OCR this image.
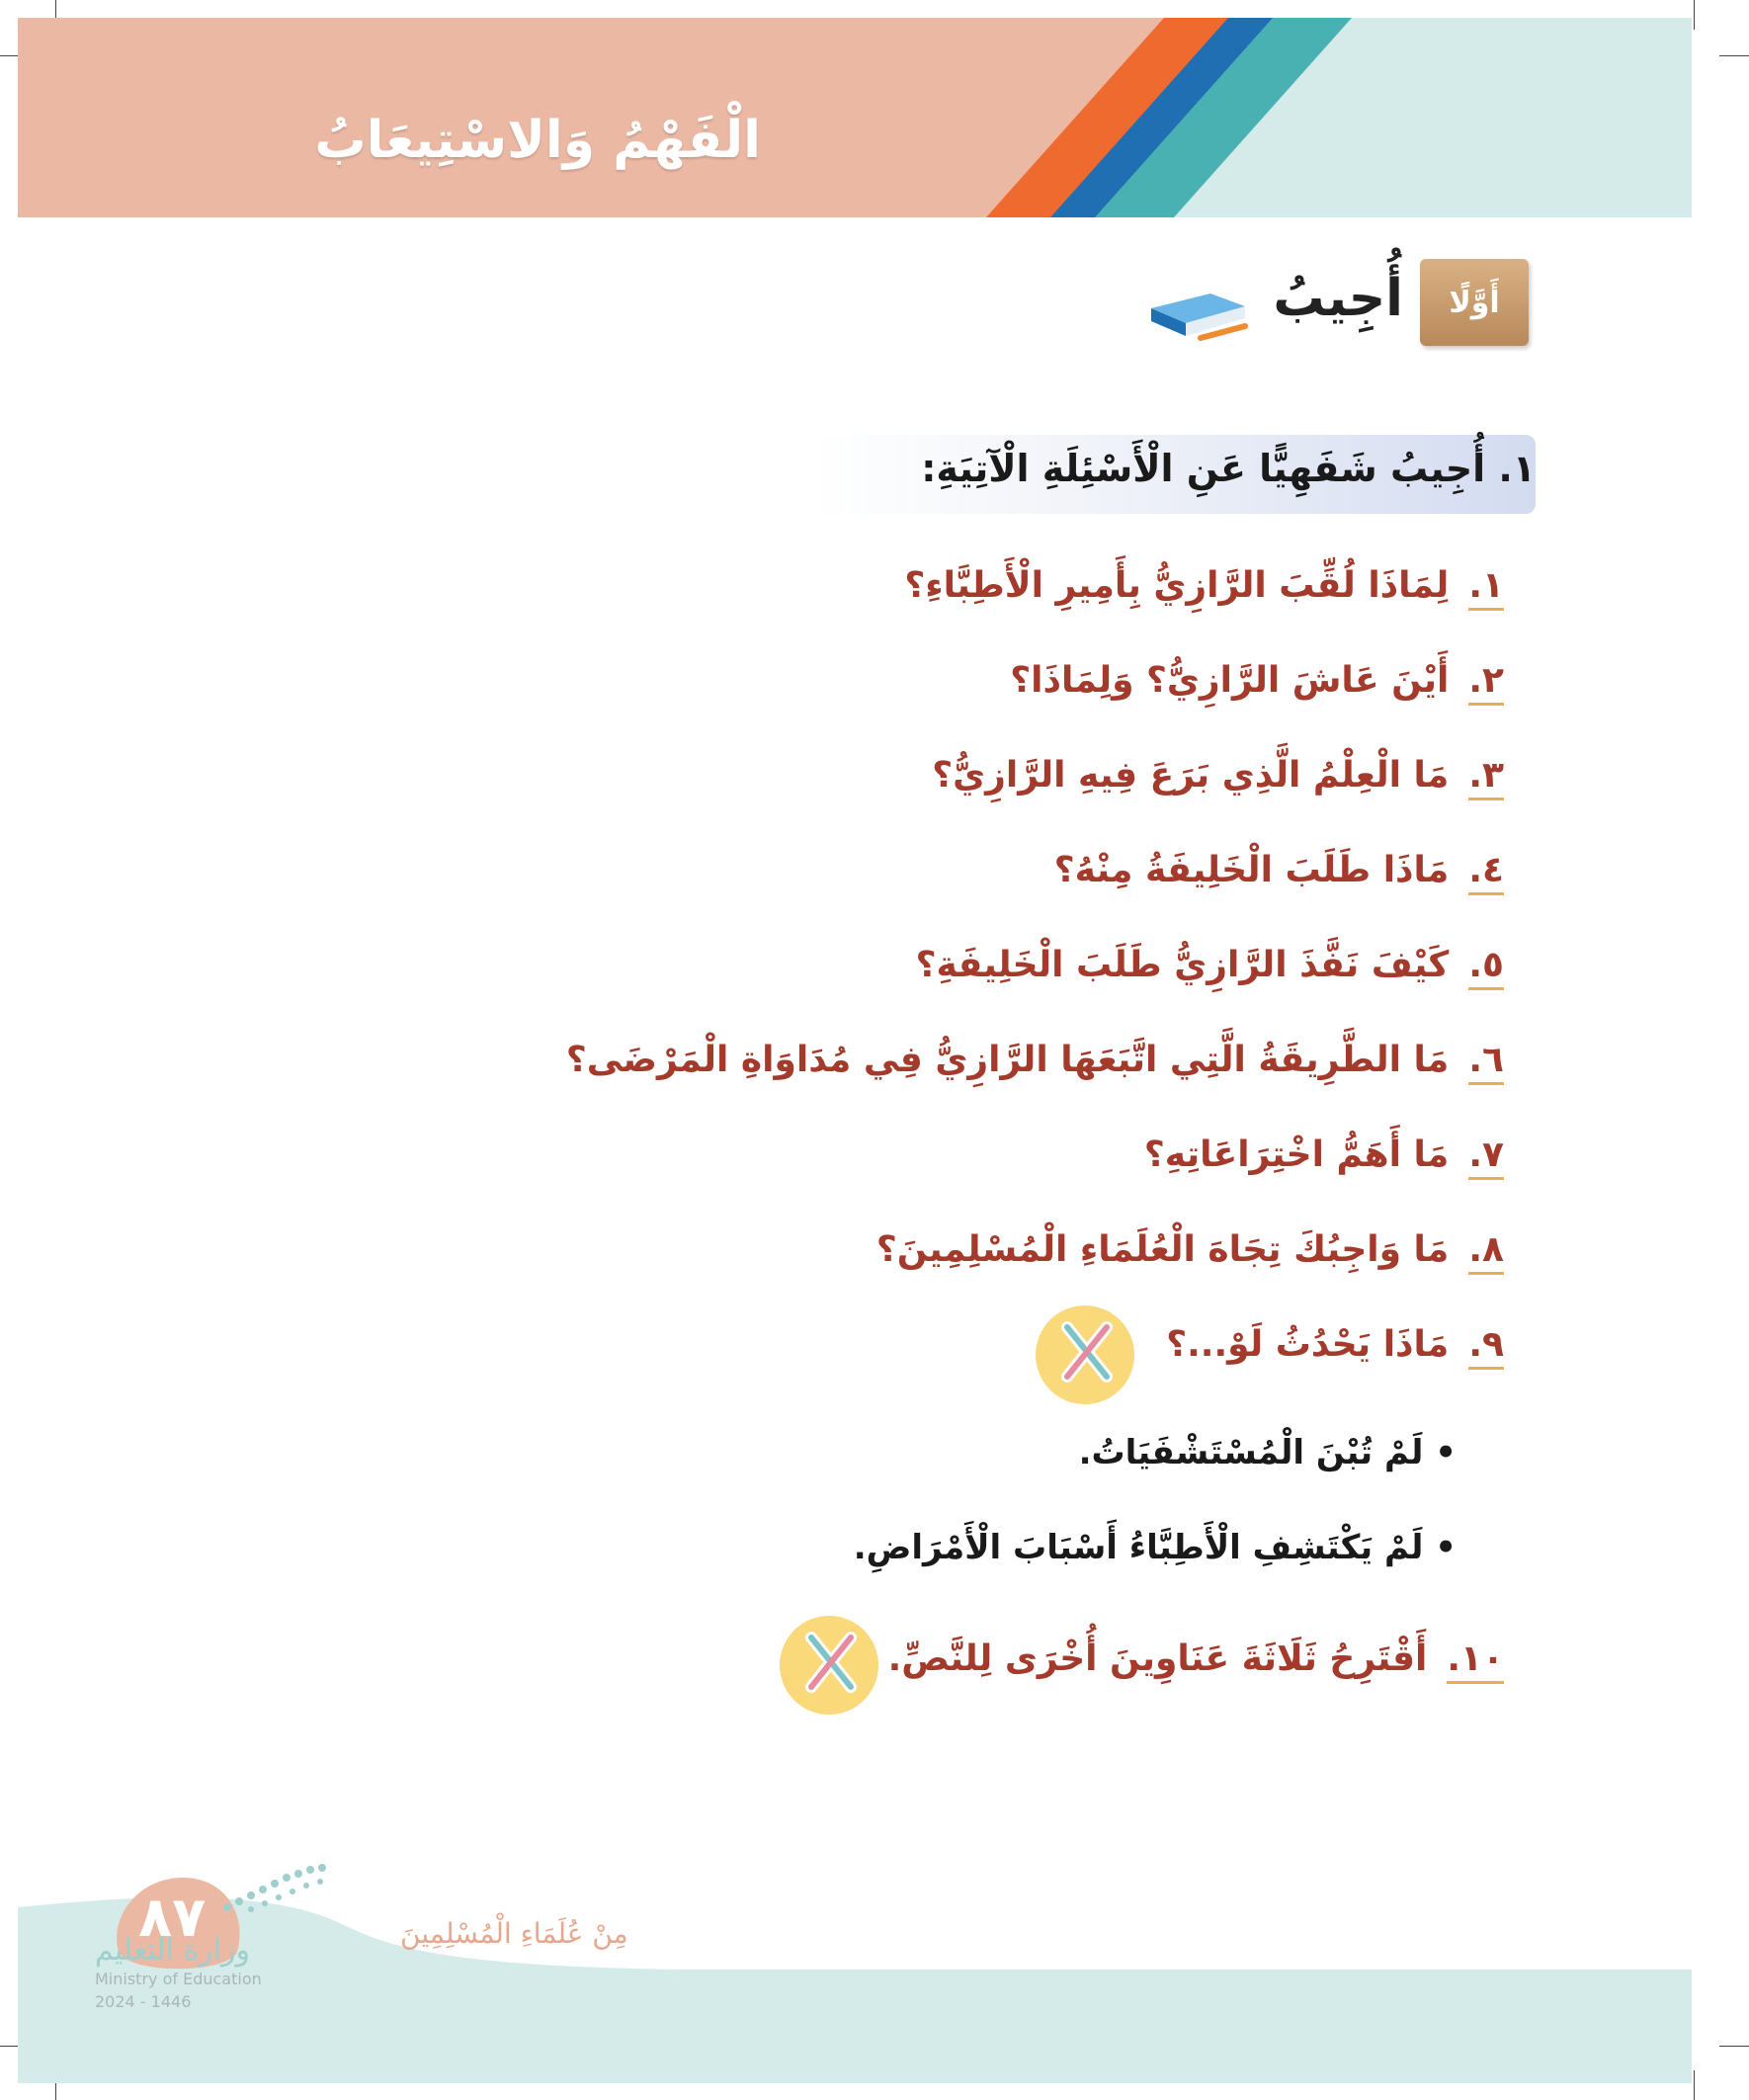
الْفَهْمُ وَالاسْتِيعَابُ
أَوَّلًا
أُجِيبُ
١. أُجِيبُ شَفَهِيًّا عَنِ الْأَسْئِلَةِ الْآتِيَةِ:
١.لِمَاذَا لُقِّبَ الرَّازِيُّ بِأَمِيرِ الْأَطِبَّاءِ؟
٢.أَيْنَ عَاشَ الرَّازِيُّ؟ وَلِمَاذَا؟
٣.مَا الْعِلْمُ الَّذِي بَرَعَ فِيهِ الرَّازِيُّ؟
٤.مَاذَا طَلَبَ الْخَلِيفَةُ مِنْهُ؟
٥.كَيْفَ نَفَّذَ الرَّازِيُّ طَلَبَ الْخَلِيفَةِ؟
٦.مَا الطَّرِيقَةُ الَّتِي اتَّبَعَهَا الرَّازِيُّ فِي مُدَاوَاةِ الْمَرْضَى؟
٧.مَا أَهَمُّ اخْتِرَاعَاتِهِ؟
٨.مَا وَاجِبُكَ تِجَاهَ الْعُلَمَاءِ الْمُسْلِمِينَ؟
٩.مَاذَا يَحْدُثُ لَوْ...؟
• لَمْ تُبْنَ الْمُسْتَشْفَيَاتُ.
• لَمْ يَكْتَشِفِ الْأَطِبَّاءُ أَسْبَابَ الْأَمْرَاضِ.
١٠.أَقْتَرِحُ ثَلَاثَةَ عَنَاوِينَ أُخْرَى لِلنَّصِّ.
٨٧	مِنْ عُلَمَاءِ الْمُسْلِمِينَ
وزارة التعليم
Ministry of Education
2024 - 1446
